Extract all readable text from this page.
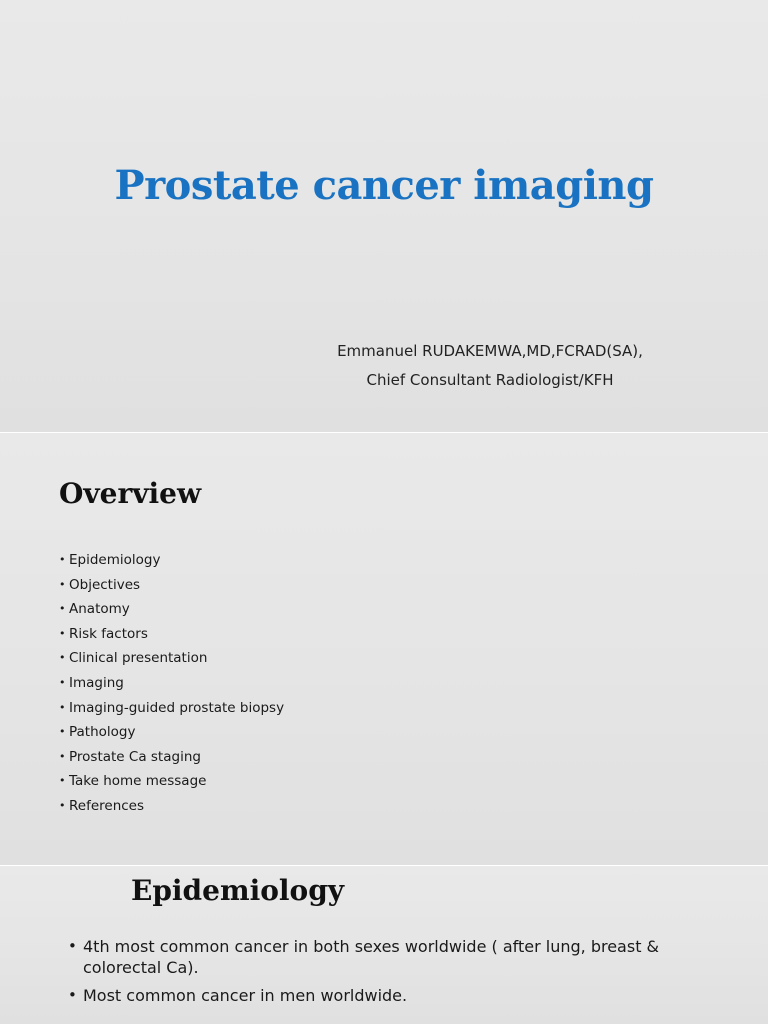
Prostate cancer imaging
Emmanuel RUDAKEMWA,MD,FCRAD(SA),
Chief Consultant Radiologist/KFH
Overview
• Epidemiology
• Objectives
• Anatomy
• Risk factors
• Clinical presentation
• Imaging
• Imaging-guided prostate biopsy
• Pathology
• Prostate Ca staging
• Take home message
• References
Epidemiology
• 4th most common cancer in both sexes worldwide ( after lung, breast & colorectal Ca).
• Most common cancer in men worldwide.
